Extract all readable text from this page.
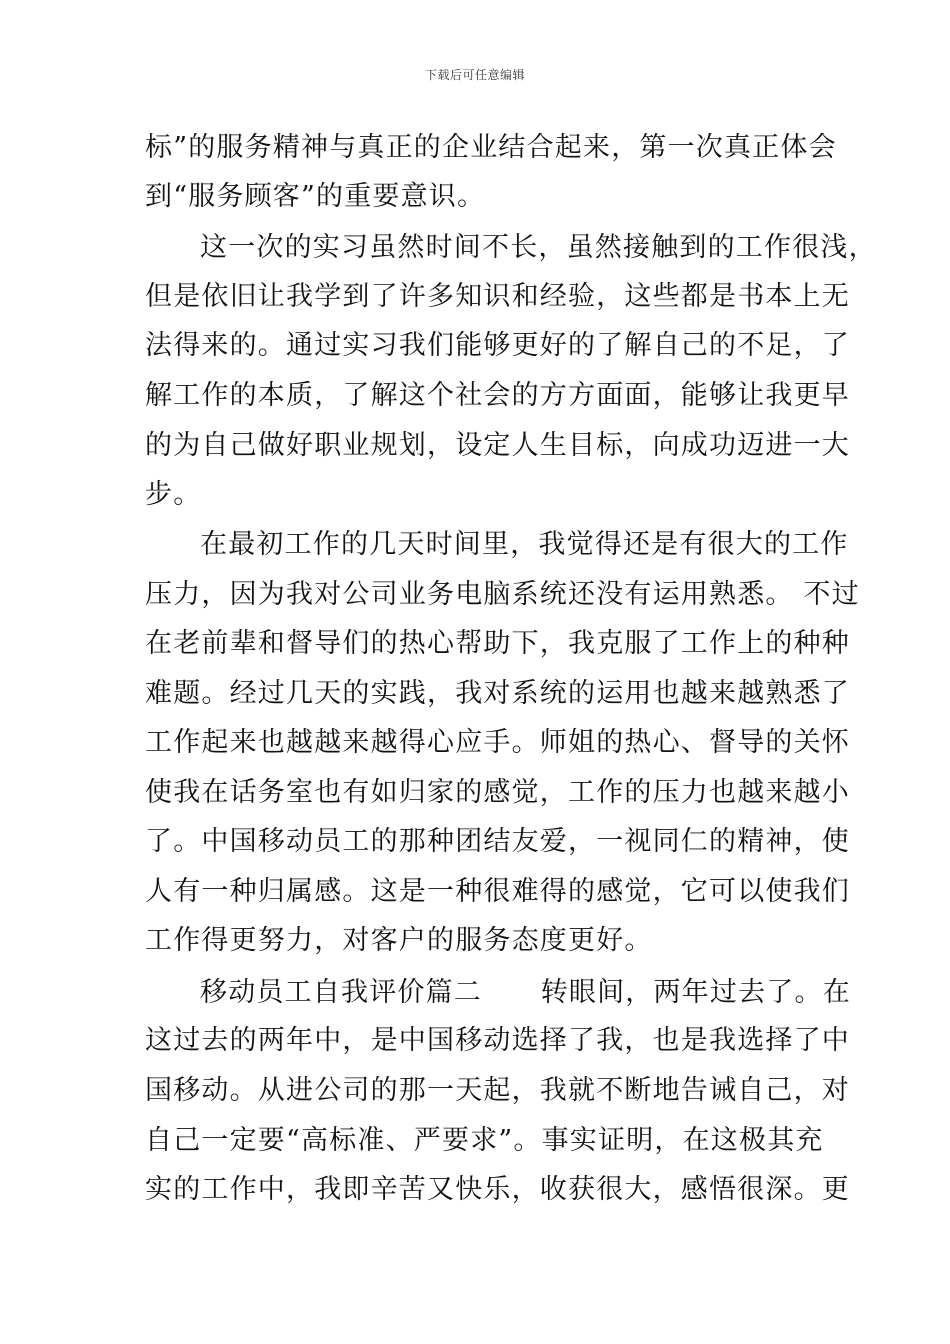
下载后可任意编辑
标”的服务精神与真正的企业结合起来，第一次真正体会
到“服务顾客”的重要意识。
这一次的实习虽然时间不长，虽然接触到的工作很浅，
但是依旧让我学到了许多知识和经验，这些都是书本上无
法得来的。通过实习我们能够更好的了解自己的不足，了
解工作的本质，了解这个社会的方方面面，能够让我更早
的为自己做好职业规划，设定人生目标，向成功迈进一大
步。
在最初工作的几天时间里，我觉得还是有很大的工作
压力，因为我对公司业务电脑系统还没有运用熟悉。 不过
在老前辈和督导们的热心帮助下，我克服了工作上的种种
难题。经过几天的实践，我对系统的运用也越来越熟悉了
工作起来也越越来越得心应手。师姐的热心、督导的关怀
使我在话务室也有如归家的感觉，工作的压力也越来越小
了。中国移动员工的那种团结友爱，一视同仁的精神，使
人有一种归属感。这是一种很难得的感觉，它可以使我们
工作得更努力，对客户的服务态度更好。
移动员工自我评价篇二      转眼间，两年过去了。在
这过去的两年中，是中国移动选择了我，也是我选择了中
国移动。从进公司的那一天起，我就不断地告诫自己，对
自己一定要“高标准、严要求”。事实证明，在这极其充
实的工作中，我即辛苦又快乐，收获很大，感悟很深。更
